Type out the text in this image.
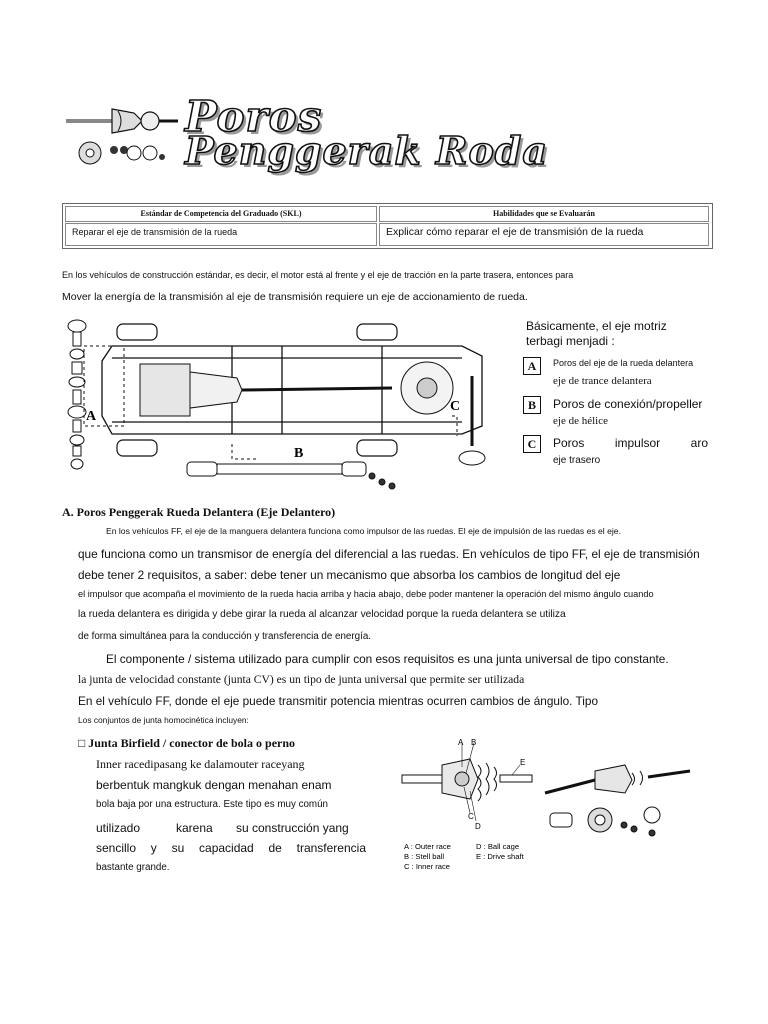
Poros
Penggerak Roda
Estándar de Competencia del Graduado (SKL)	Habilidades que se Evaluarán
Reparar el eje de transmisión de la rueda	Explicar cómo reparar el eje de transmisión de la rueda
En los vehículos de construcción estándar, es decir, el motor está al frente y el eje de tracción en la parte trasera, entonces para
Mover la energía de la transmisión al eje de transmisión requiere un eje de accionamiento de rueda.
A
B
C
Básicamente, el eje motriz
terbagi menjadi :
A	Poros del eje de la rueda delantera
eje de trance delantera
B	Poros de conexión/propeller
eje de hélice
C	Poros impulsor aro
eje trasero
A. Poros Penggerak Rueda Delantera (Eje Delantero)
En los vehículos FF, el eje de la manguera delantera funciona como impulsor de las ruedas. El eje de impulsión de las ruedas es el eje.
que funciona como un transmisor de energía del diferencial a las ruedas. En vehículos de tipo FF, el eje de transmisión
debe tener 2 requisitos, a saber: debe tener un mecanismo que absorba los cambios de longitud del eje
el impulsor que acompaña el movimiento de la rueda hacia arriba y hacia abajo, debe poder mantener la operación del mismo ángulo cuando
la rueda delantera es dirigida y debe girar la rueda al alcanzar velocidad porque la rueda delantera se utiliza
de forma simultánea para la conducción y transferencia de energía.
El componente / sistema utilizado para cumplir con esos requisitos es una junta universal de tipo constante.
la junta de velocidad constante (junta CV) es un tipo de junta universal que permite ser utilizada
En el vehículo FF, donde el eje puede transmitir potencia mientras ocurren cambios de ángulo. Tipo
Los conjuntos de junta homocinética incluyen:
□ Junta Birfield / conector de bola o perno
Inner racedipasang ke dalamouter raceyang
berbentuk mangkuk dengan menahan enam
bola baja por una estructura. Este tipo es muy común
utilizado	karena su construcción yang
sencillo y su capacidad de transferencia
bastante grande.
A B
E
C
D
A : Outer race
B : Stell ball
C : Inner race
D : Ball cage
E : Drive shaft
